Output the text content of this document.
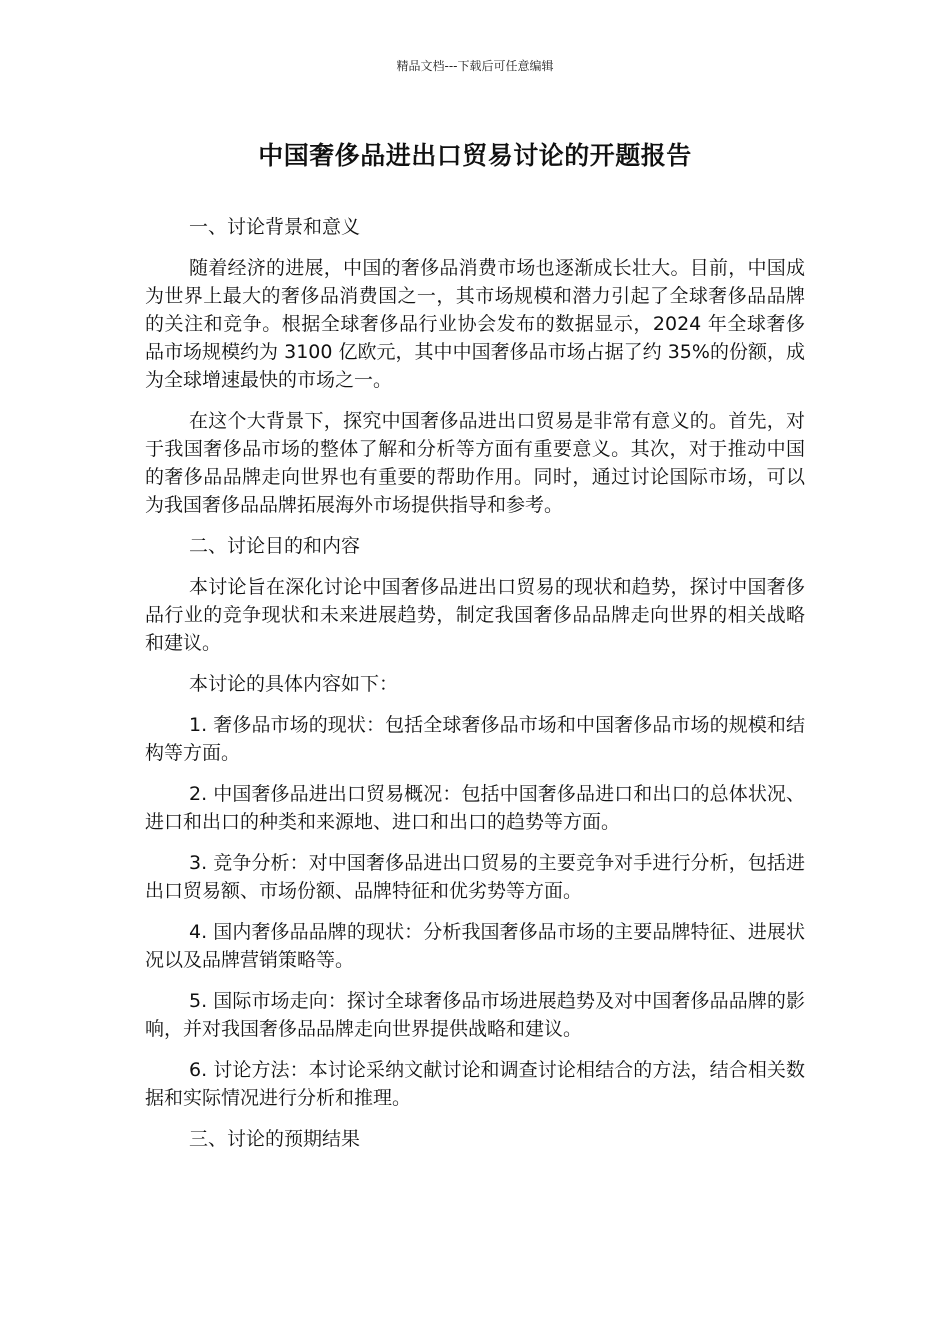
精品文档---下载后可任意编辑
中国奢侈品进出口贸易讨论的开题报告

一、讨论背景和意义

随着经济的进展，中国的奢侈品消费市场也逐渐成长壮大。目前，中国成为世界上最大的奢侈品消费国之一，其市场规模和潜力引起了全球奢侈品品牌的关注和竞争。根据全球奢侈品行业协会发布的数据显示，2024 年全球奢侈品市场规模约为 3100 亿欧元，其中中国奢侈品市场占据了约 35%的份额，成为全球增速最快的市场之一。

在这个大背景下，探究中国奢侈品进出口贸易是非常有意义的。首先，对于我国奢侈品市场的整体了解和分析等方面有重要意义。其次，对于推动中国的奢侈品品牌走向世界也有重要的帮助作用。同时，通过讨论国际市场，可以为我国奢侈品品牌拓展海外市场提供指导和参考。

二、讨论目的和内容

本讨论旨在深化讨论中国奢侈品进出口贸易的现状和趋势，探讨中国奢侈品行业的竞争现状和未来进展趋势，制定我国奢侈品品牌走向世界的相关战略和建议。

本讨论的具体内容如下：

1. 奢侈品市场的现状：包括全球奢侈品市场和中国奢侈品市场的规模和结构等方面。

2. 中国奢侈品进出口贸易概况：包括中国奢侈品进口和出口的总体状况、进口和出口的种类和来源地、进口和出口的趋势等方面。

3. 竞争分析：对中国奢侈品进出口贸易的主要竞争对手进行分析，包括进出口贸易额、市场份额、品牌特征和优劣势等方面。

4. 国内奢侈品品牌的现状：分析我国奢侈品市场的主要品牌特征、进展状况以及品牌营销策略等。

5. 国际市场走向：探讨全球奢侈品市场进展趋势及对中国奢侈品品牌的影响，并对我国奢侈品品牌走向世界提供战略和建议。

6. 讨论方法：本讨论采纳文献讨论和调查讨论相结合的方法，结合相关数据和实际情况进行分析和推理。

三、讨论的预期结果
